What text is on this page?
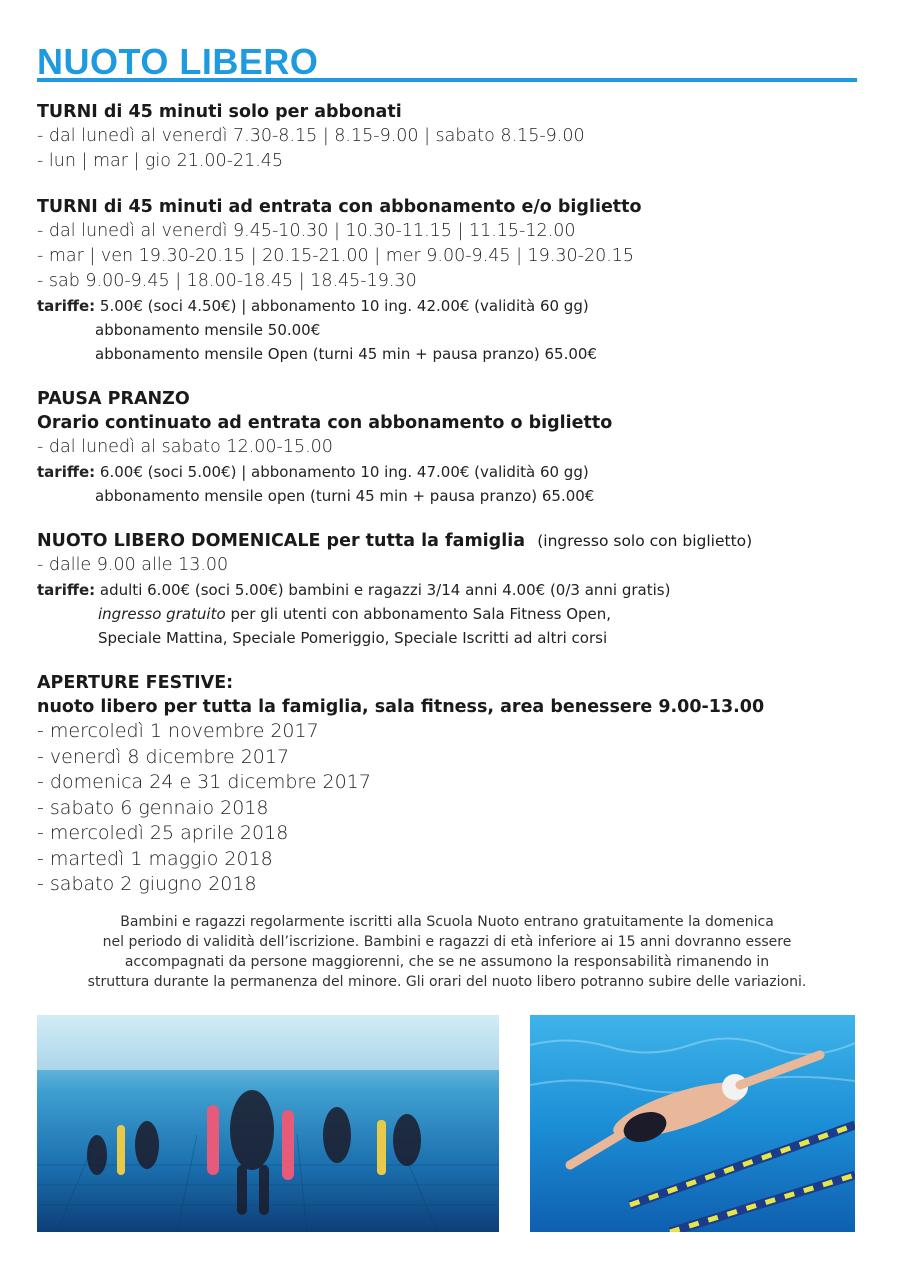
NUOTO LIBERO
TURNI di 45 minuti solo per abbonati
- dal lunedì al venerdì 7.30-8.15 | 8.15-9.00 | sabato 8.15-9.00
- lun | mar | gio 21.00-21.45
TURNI di 45 minuti ad entrata con abbonamento e/o biglietto
- dal lunedì al venerdì 9.45-10.30 | 10.30-11.15 | 11.15-12.00
- mar | ven 19.30-20.15 | 20.15-21.00 | mer 9.00-9.45 | 19.30-20.15
- sab 9.00-9.45 | 18.00-18.45 | 18.45-19.30
tariffe: 5.00€ (soci 4.50€) | abbonamento 10 ing. 42.00€ (validità 60 gg)
abbonamento mensile 50.00€
abbonamento mensile Open (turni 45 min + pausa pranzo) 65.00€
PAUSA PRANZO
Orario continuato ad entrata con abbonamento o biglietto
- dal lunedì al sabato 12.00-15.00
tariffe: 6.00€ (soci 5.00€) | abbonamento 10 ing. 47.00€ (validità 60 gg)
abbonamento mensile open (turni 45 min + pausa pranzo) 65.00€
NUOTO LIBERO DOMENICALE per tutta la famiglia (ingresso solo con biglietto)
- dalle 9.00 alle 13.00
tariffe: adulti 6.00€ (soci 5.00€) bambini e ragazzi 3/14 anni 4.00€ (0/3 anni gratis)
ingresso gratuito per gli utenti con abbonamento Sala Fitness Open,
Speciale Mattina, Speciale Pomeriggio, Speciale Iscritti ad altri corsi
APERTURE FESTIVE:
nuoto libero per tutta la famiglia, sala fitness, area benessere 9.00-13.00
- mercoledì 1 novembre 2017
- venerdì 8 dicembre 2017
- domenica 24 e 31 dicembre 2017
- sabato 6 gennaio 2018
- mercoledì 25 aprile 2018
- martedì 1 maggio 2018
- sabato 2 giugno 2018
Bambini e ragazzi regolarmente iscritti alla Scuola Nuoto entrano gratuitamente la domenica
nel periodo di validità dell’iscrizione. Bambini e ragazzi di età inferiore ai 15 anni dovranno essere
accompagnati da persone maggiorenni, che se ne assumono la responsabilità rimanendo in
struttura durante la permanenza del minore. Gli orari del nuoto libero potranno subire delle variazioni.
